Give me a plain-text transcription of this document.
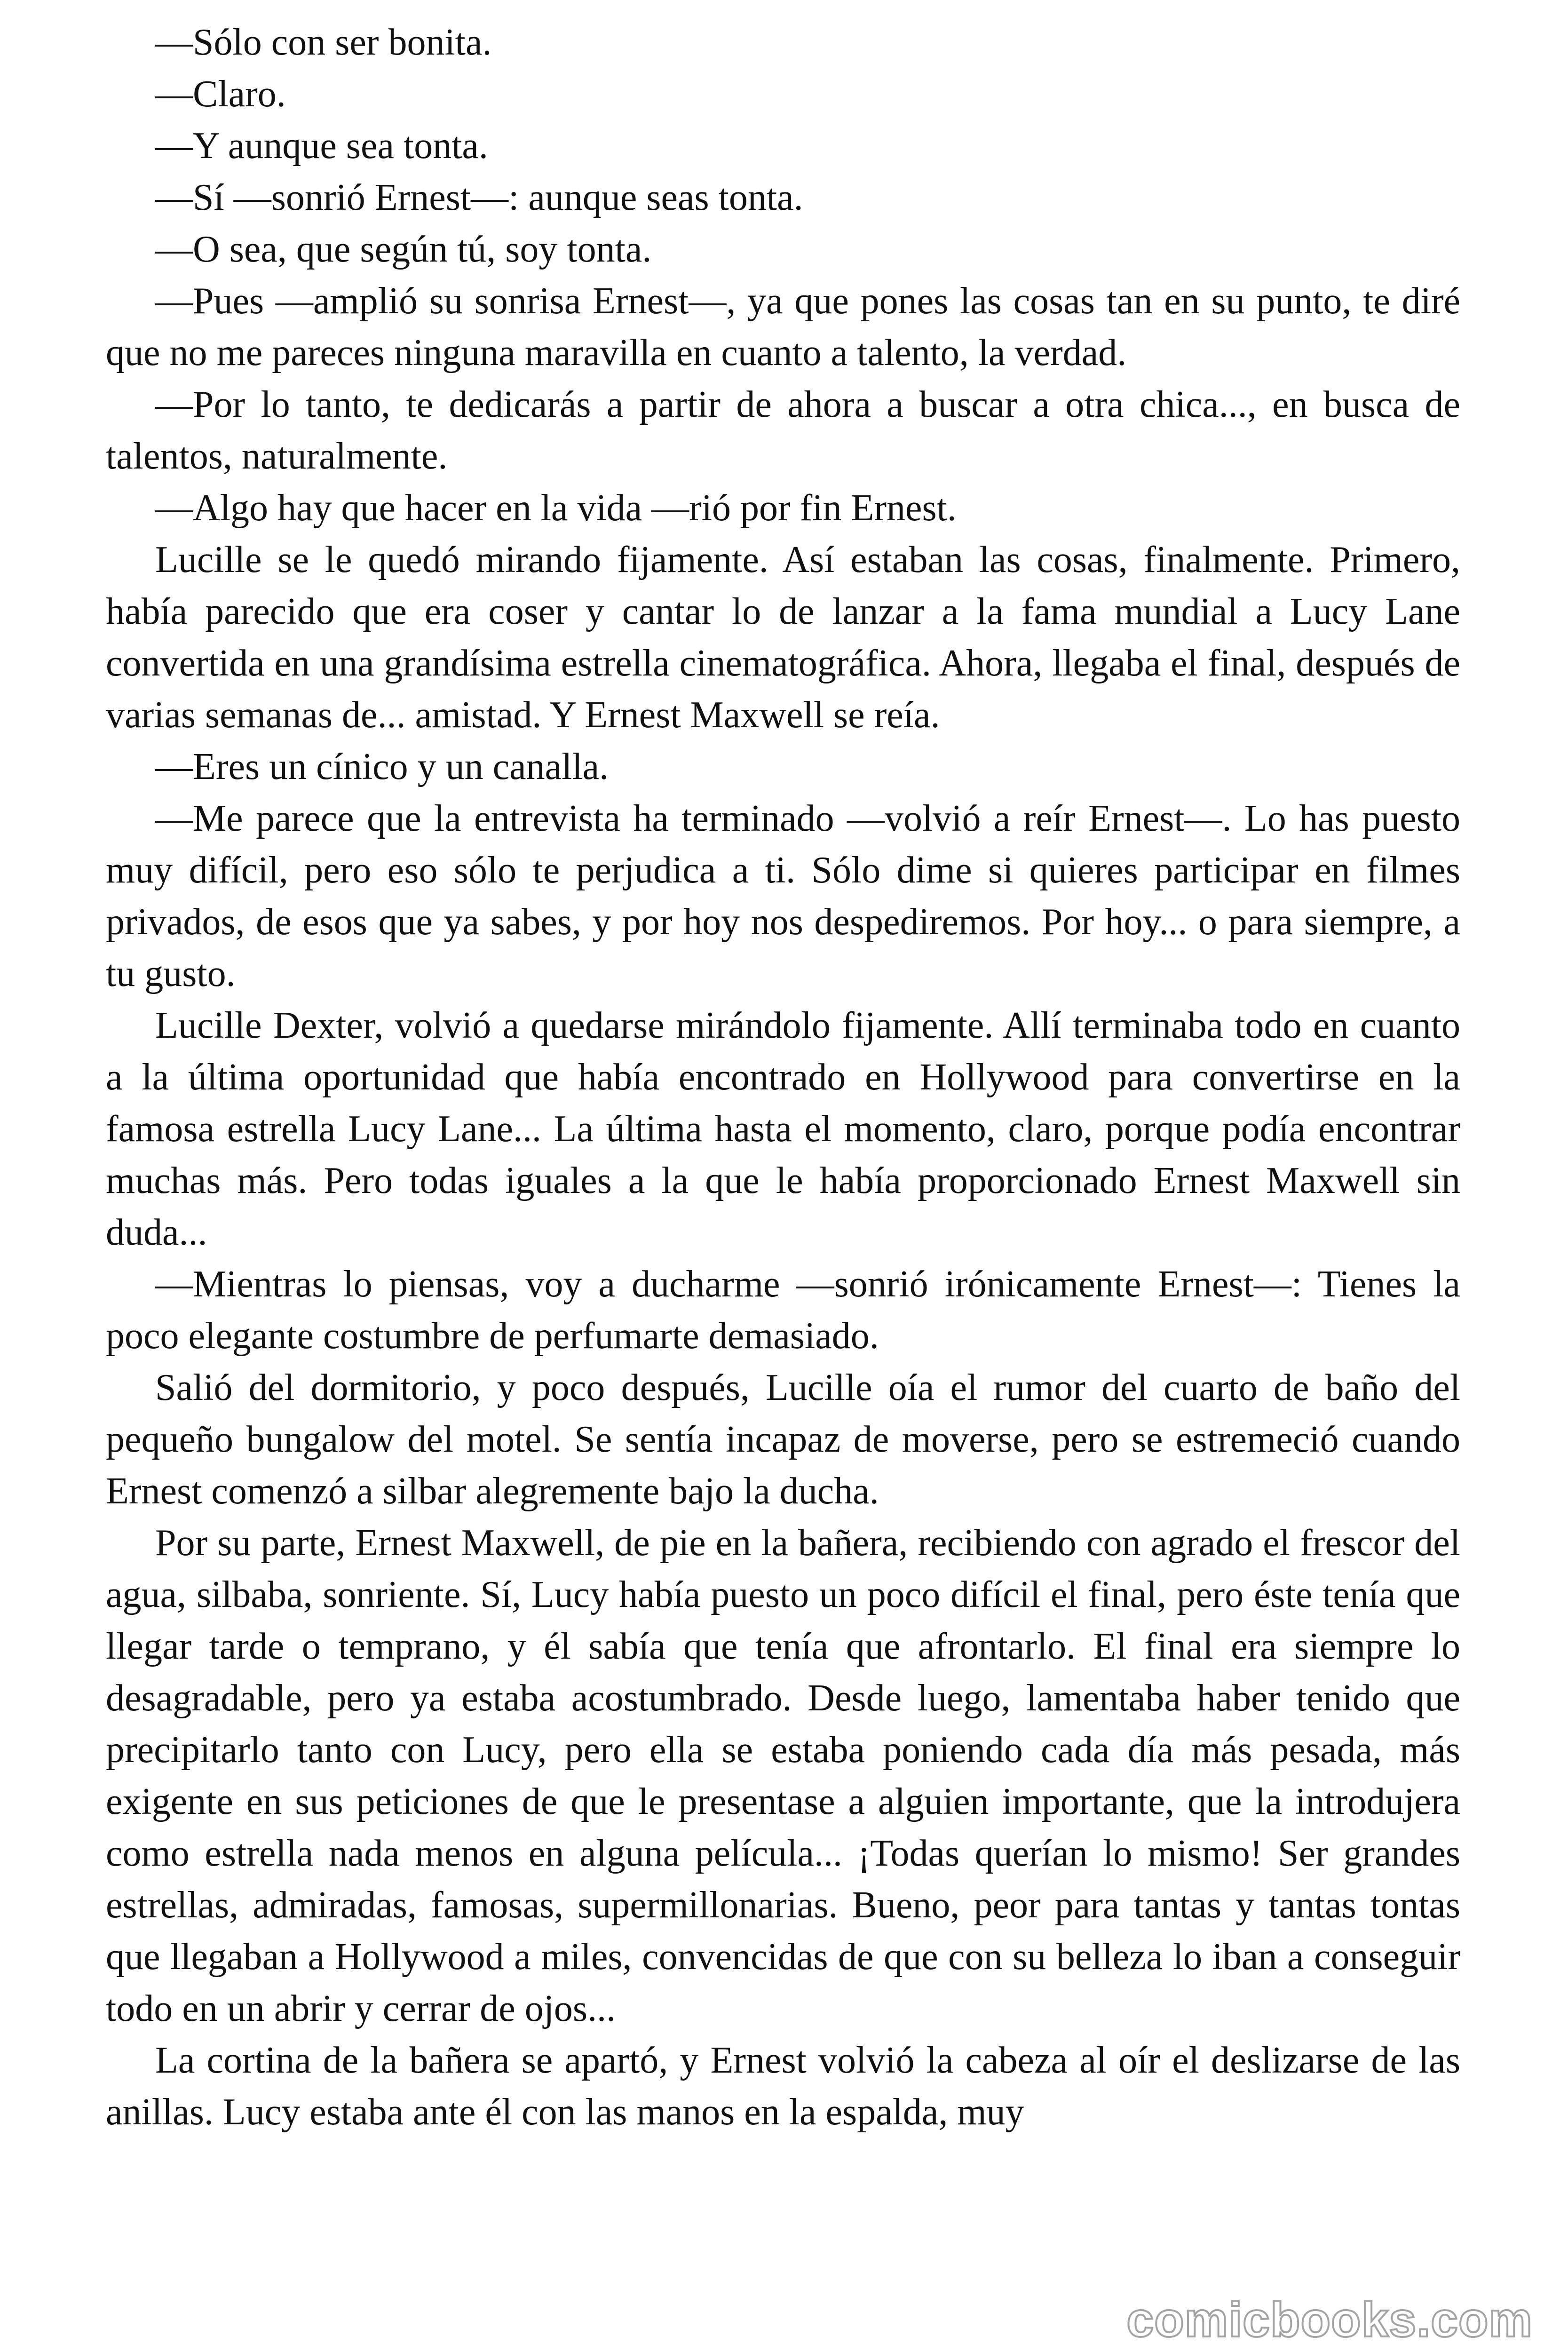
—Sólo con ser bonita.

—Claro.

—Y aunque sea tonta.

—Sí —sonrió Ernest—: aunque seas tonta.

—O sea, que según tú, soy tonta.

—Pues —amplió su sonrisa Ernest—, ya que pones las cosas tan en su punto, te diré que no me pareces ninguna maravilla en cuanto a talento, la verdad.

—Por lo tanto, te dedicarás a partir de ahora a buscar a otra chica..., en busca de talentos, naturalmente.

—Algo hay que hacer en la vida —rió por fin Ernest.

Lucille se le quedó mirando fijamente. Así estaban las cosas, finalmente. Primero, había parecido que era coser y cantar lo de lanzar a la fama mundial a Lucy Lane convertida en una grandísima estrella cinematográfica. Ahora, llegaba el final, después de varias semanas de... amistad. Y Ernest Maxwell se reía.

—Eres un cínico y un canalla.

—Me parece que la entrevista ha terminado —volvió a reír Ernest—. Lo has puesto muy difícil, pero eso sólo te perjudica a ti. Sólo dime si quieres participar en filmes privados, de esos que ya sabes, y por hoy nos despediremos. Por hoy... o para siempre, a tu gusto.

Lucille Dexter, volvió a quedarse mirándolo fijamente. Allí terminaba todo en cuanto a la última oportunidad que había encontrado en Hollywood para convertirse en la famosa estrella Lucy Lane... La última hasta el momento, claro, porque podía encontrar muchas más. Pero todas iguales a la que le había proporcionado Ernest Maxwell sin duda...

—Mientras lo piensas, voy a ducharme —sonrió irónicamente Ernest—: Tienes la poco elegante costumbre de perfumarte demasiado.

Salió del dormitorio, y poco después, Lucille oía el rumor del cuarto de baño del pequeño bungalow del motel. Se sentía incapaz de moverse, pero se estremeció cuando Ernest comenzó a silbar alegremente bajo la ducha.

Por su parte, Ernest Maxwell, de pie en la bañera, recibiendo con agrado el frescor del agua, silbaba, sonriente. Sí, Lucy había puesto un poco difícil el final, pero éste tenía que llegar tarde o temprano, y él sabía que tenía que afrontarlo. El final era siempre lo desagradable, pero ya estaba acostumbrado. Desde luego, lamentaba haber tenido que precipitarlo tanto con Lucy, pero ella se estaba poniendo cada día más pesada, más exigente en sus peticiones de que le presentase a alguien importante, que la introdujera como estrella nada menos en alguna película... ¡Todas querían lo mismo! Ser grandes estrellas, admiradas, famosas, supermillonarias. Bueno, peor para tantas y tantas tontas que llegaban a Hollywood a miles, convencidas de que con su belleza lo iban a conseguir todo en un abrir y cerrar de ojos...

La cortina de la bañera se apartó, y Ernest volvió la cabeza al oír el deslizarse de las anillas. Lucy estaba ante él con las manos en la espalda, muy

comicbooks.com
